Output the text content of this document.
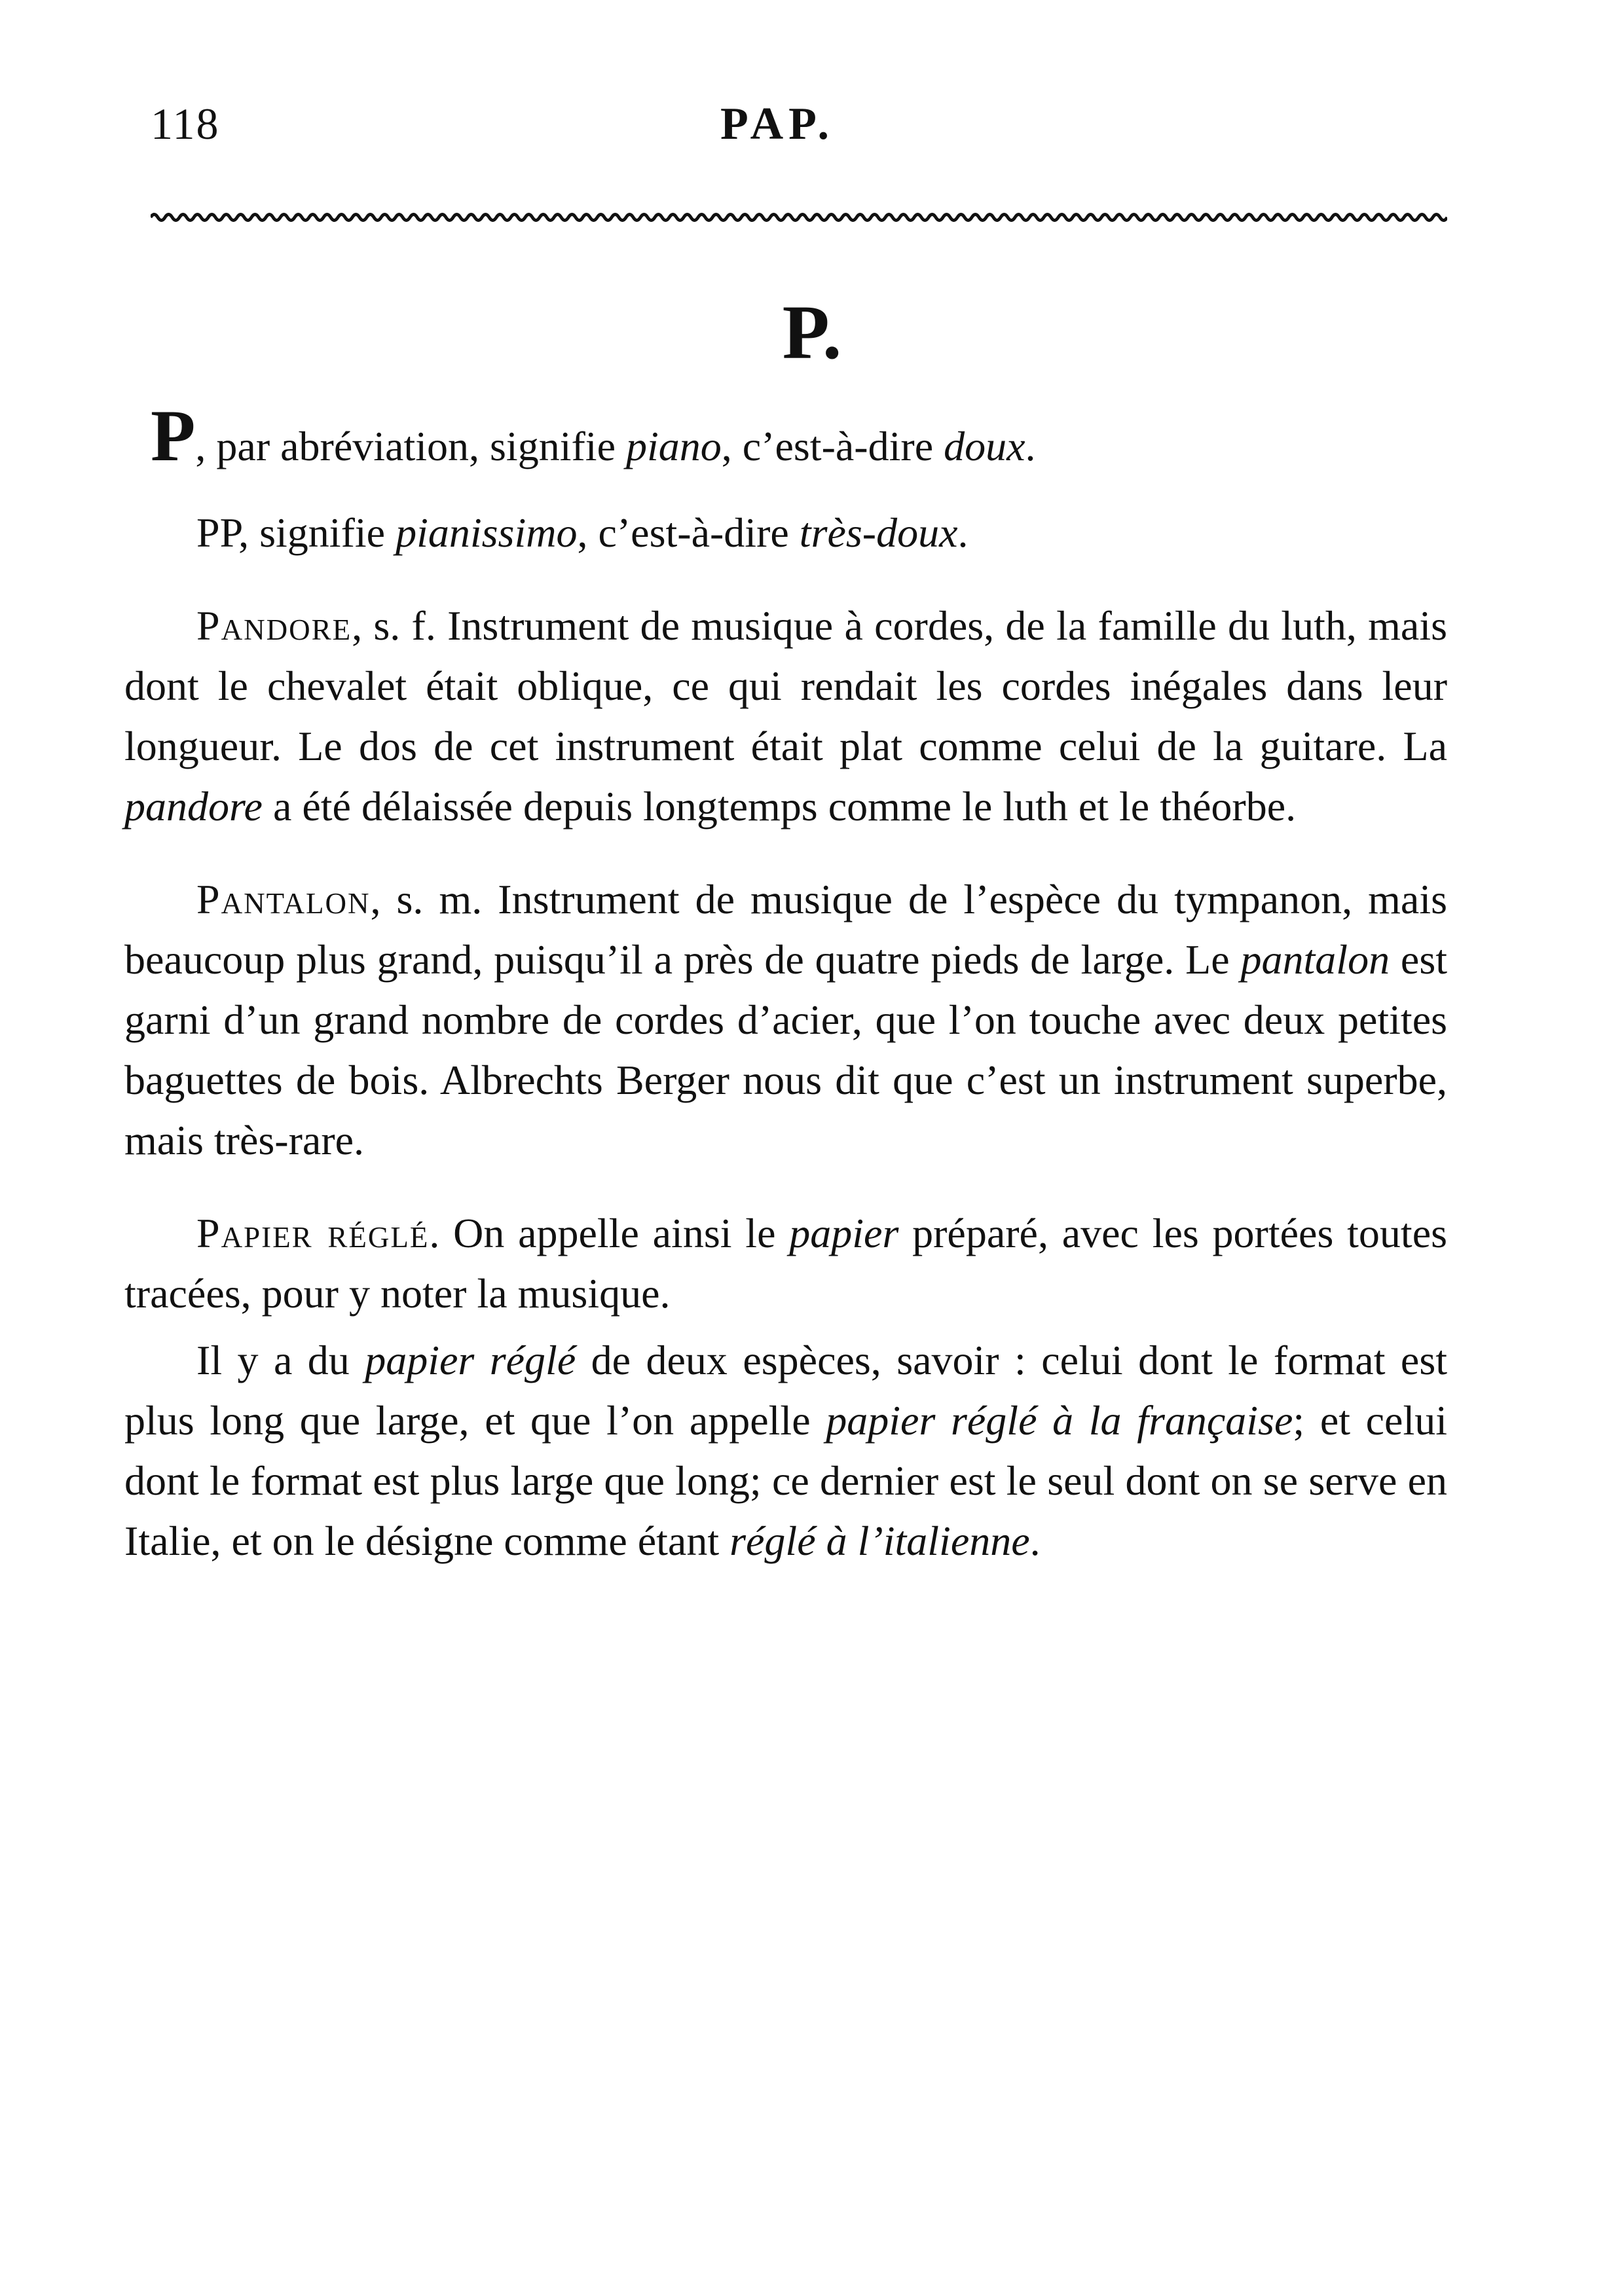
118	PAP.
P.

P, par abréviation, signifie piano, c’est-à-dire doux.

PP, signifie pianissimo, c’est-à-dire très-doux.

Pandore, s. f. Instrument de musique à cordes, de la famille du luth, mais dont le chevalet était oblique, ce qui rendait les cordes inégales dans leur longueur. Le dos de cet instrument était plat comme celui de la guitare. La pandore a été délaissée depuis longtemps comme le luth et le théorbe.

Pantalon, s. m. Instrument de musique de l’espèce du tympanon, mais beaucoup plus grand, puisqu’il a près de quatre pieds de large. Le pantalon est garni d’un grand nombre de cordes d’acier, que l’on touche avec deux petites baguettes de bois. Albrechts Berger nous dit que c’est un instrument superbe, mais très-rare.

Papier réglé. On appelle ainsi le papier préparé, avec les portées toutes tracées, pour y noter la musique.

Il y a du papier réglé de deux espèces, savoir : celui dont le format est plus long que large, et que l’on appelle papier réglé à la française; et celui dont le format est plus large que long; ce dernier est le seul dont on se serve en Italie, et on le désigne comme étant réglé à l’italienne.
